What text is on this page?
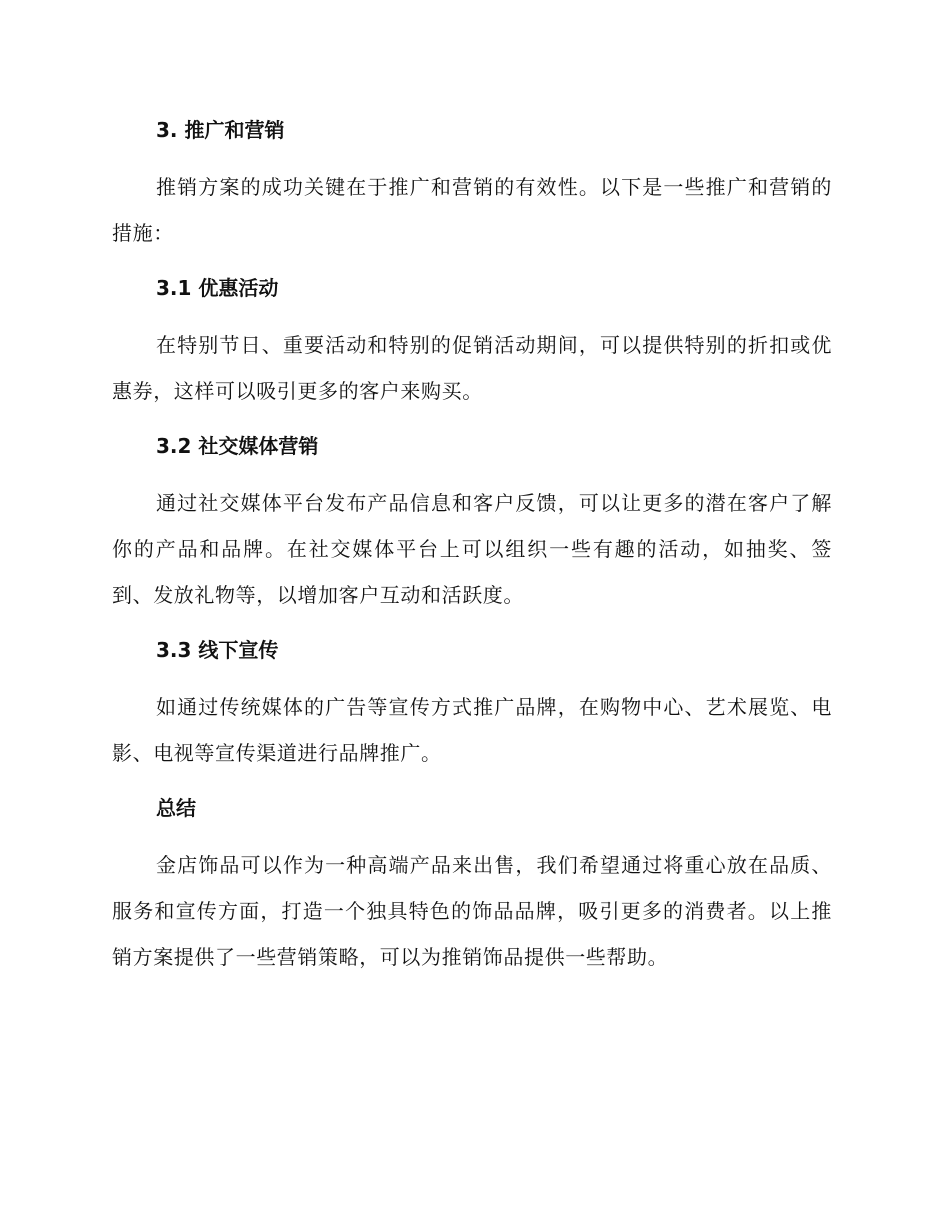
3. 推广和营销

推销方案的成功关键在于推广和营销的有效性。以下是一些推广和营销的措施：

3.1 优惠活动

在特别节日、重要活动和特别的促销活动期间，可以提供特别的折扣或优惠券，这样可以吸引更多的客户来购买。

3.2 社交媒体营销

通过社交媒体平台发布产品信息和客户反馈，可以让更多的潜在客户了解你的产品和品牌。在社交媒体平台上可以组织一些有趣的活动，如抽奖、签到、发放礼物等，以增加客户互动和活跃度。

3.3 线下宣传

如通过传统媒体的广告等宣传方式推广品牌，在购物中心、艺术展览、电影、电视等宣传渠道进行品牌推广。

总结

金店饰品可以作为一种高端产品来出售，我们希望通过将重心放在品质、服务和宣传方面，打造一个独具特色的饰品品牌，吸引更多的消费者。以上推销方案提供了一些营销策略，可以为推销饰品提供一些帮助。
